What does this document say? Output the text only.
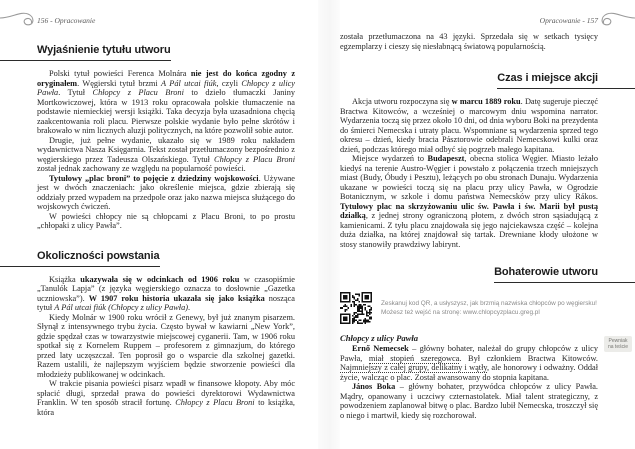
156 - Opracowanie
Wyjaśnienie tytułu utworu

Polski tytuł powieści Ferenca Molnára nie jest do końca zgodny z oryginałem. Węgierski tytuł brzmi A Pál utcai fiúk, czyli Chłopcy z ulicy Pawła. Tytuł Chłopcy z Placu Broni to dzieło tłumaczki Janiny Mortkowiczowej, która w 1913 roku opracowała polskie tłumaczenie na podstawie niemieckiej wersji książki. Taka decyzja była uzasadniona chęcią zaakcentowania roli placu. Pierwsze polskie wydanie było pełne skrótów i brakowało w nim licznych aluzji politycznych, na które pozwolił sobie autor.

Drugie, już pełne wydanie, ukazało się w 1989 roku nakładem wydawnictwa Nasza Księgarnia. Tekst został przetłumaczony bezpośrednio z węgierskiego przez Tadeusza Olszańskiego. Tytuł Chłopcy z Placu Broni został jednak zachowany ze względu na popularność powieści.

Tytułowy „plac broni” to pojęcie z dziedziny wojskowości. Używane jest w dwóch znaczeniach: jako określenie miejsca, gdzie zbierają się oddziały przed wypadem na przedpole oraz jako nazwa miejsca służącego do wojskowych ćwiczeń.

W powieści chłopcy nie są chłopcami z Placu Broni, to po prostu „chłopaki z ulicy Pawła”.

Okoliczności powstania

Książka ukazywała się w odcinkach od 1906 roku w czasopiśmie „Tanulók Lapja” (z języka węgierskiego oznacza to dosłownie „Gazetka uczniowska”). W 1907 roku historia ukazała się jako książka nosząca tytuł A Pál utcai fiúk (Chłopcy z ulicy Pawła).

Kiedy Molnár w 1900 roku wrócił z Genewy, był już znanym pisarzem. Słynął z intensywnego trybu życia. Często bywał w kawiarni „New York”, gdzie spędzał czas w towarzystwie miejscowej cyganerii. Tam, w 1906 roku spotkał się z Kornelem Ruppem – profesorem z gimnazjum, do którego przed laty uczęszczał. Ten poprosił go o wsparcie dla szkolnej gazetki. Razem ustalili, że najlepszym wyjściem będzie stworzenie powieści dla młodzieży publikowanej w odcinkach.

W trakcie pisania powieści pisarz wpadł w finansowe kłopoty. Aby móc spłacić długi, sprzedał prawa do powieści dyrektorowi Wydawnictwa Franklin. W ten sposób stracił fortunę. Chłopcy z Placu Broni to książka, która

Opracowanie - 157

została przetłumaczona na 43 języki. Sprzedała się w setkach tysięcy egzemplarzy i cieszy się niesłabnącą światową popularnością.

Czas i miejsce akcji

Akcja utworu rozpoczyna się w marcu 1889 roku. Datę sugeruje pieczęć Bractwa Kitowców, a wcześniej o marcowym dniu wspomina narrator. Wydarzenia toczą się przez około 10 dni, od dnia wyboru Boki na prezydenta do śmierci Nemecska i utraty placu. Wspomniane są wydarzenia sprzed tego okresu – dzień, kiedy bracia Pásztorowie odebrali Nemecskowi kulki oraz dzień, podczas którego miał odbyć się pogrzeb małego kapitana.

Miejsce wydarzeń to Budapeszt, obecna stolica Węgier. Miasto leżało kiedyś na terenie Austro-Węgier i powstało z połączenia trzech mniejszych miast (Budy, Óbudy i Pesztu), leżących po obu stronach Dunaju. Wydarzenia ukazane w powieści toczą się na placu przy ulicy Pawła, w Ogrodzie Botanicznym, w szkole i domu państwa Nemecsków przy ulicy Rákos. Tytułowy plac na skrzyżowaniu ulic św. Pawła i św. Marii był pustą działką, z jednej strony ograniczoną płotem, z dwóch stron sąsiadującą z kamienicami. Z tyłu placu znajdowała się jego najciekawsza część – kolejna duża działka, na której znajdował się tartak. Drewniane kłody ułożone w stosy stanowiły prawdziwy labirynt.

Bohaterowie utworu
Zeskanuj kod QR, a usłyszysz, jak brzmią nazwiska chłopców po węgiersku!
Możesz też wejść na stronę: www.chlopcyzplacu.greg.pl
Chłopcy z ulicy Pawła

Ernő Nemecsek – główny bohater, należał do grupy chłopców z ulicy Pawła, miał stopień szeregowca. Był członkiem Bractwa Kitowców. Najmniejszy z całej grupy, delikatny i wątły, ale honorowy i odważny. Oddał życie, walcząc o plac. Został awansowany do stopnia kapitana.

János Boka – główny bohater, przywódca chłopców z ulicy Pawła. Mądry, opanowany i uczciwy czternastolatek. Miał talent strategiczny, z powodzeniem zaplanował bitwę o plac. Bardzo lubił Nemecska, troszczył się o niego i martwił, kiedy się rozchorował.

Pewniak
na teście
